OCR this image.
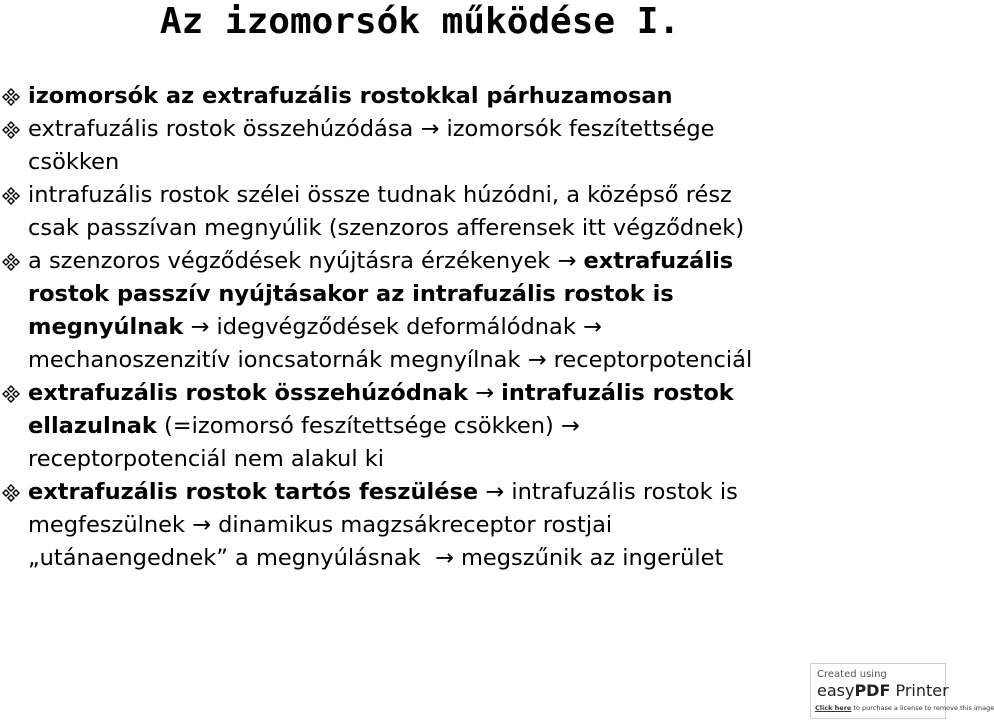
Az izomorsók működése I.
izomorsók az extrafuzális rostokkal párhuzamosan
extrafuzális rostok összehúzódása → izomorsók feszítettsége
csökken
intrafuzális rostok szélei össze tudnak húzódni, a középső rész
csak passzívan megnyúlik (szenzoros afferensek itt végződnek)
a szenzoros végződések nyújtásra érzékenyek → extrafuzális
rostok passzív nyújtásakor az intrafuzális rostok is
megnyúlnak → idegvégződések deformálódnak →
mechanoszenzitív ioncsatornák megnyílnak → receptorpotenciál
extrafuzális rostok összehúzódnak → intrafuzális rostok
ellazulnak (=izomorsó feszítettsége csökken) →
receptorpotenciál nem alakul ki
extrafuzális rostok tartós feszülése → intrafuzális rostok is
megfeszülnek → dinamikus magzsákreceptor rostjai
„utánaengednek” a megnyúlásnak  → megszűnik az ingerület
Created using
easyPDF Printer
Click here to purchase a license to remove this image
